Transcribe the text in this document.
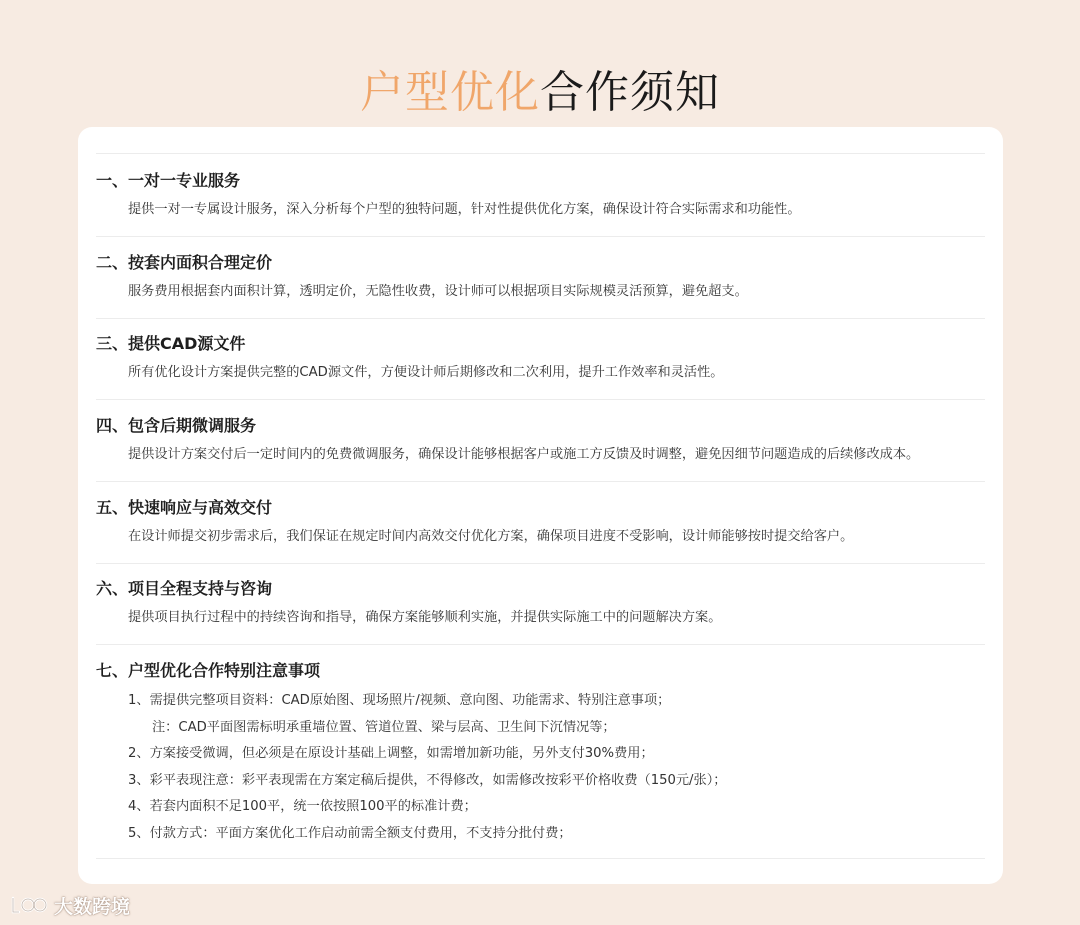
户型优化合作须知
一、一对一专业服务
提供一对一专属设计服务，深入分析每个户型的独特问题，针对性提供优化方案，确保设计符合实际需求和功能性。
二、按套内面积合理定价
服务费用根据套内面积计算，透明定价，无隐性收费，设计师可以根据项目实际规模灵活预算，避免超支。
三、提供CAD源文件
所有优化设计方案提供完整的CAD源文件，方便设计师后期修改和二次利用，提升工作效率和灵活性。
四、包含后期微调服务
提供设计方案交付后一定时间内的免费微调服务，确保设计能够根据客户或施工方反馈及时调整，避免因细节问题造成的后续修改成本。
五、快速响应与高效交付
在设计师提交初步需求后，我们保证在规定时间内高效交付优化方案，确保项目进度不受影响，设计师能够按时提交给客户。
六、项目全程支持与咨询
提供项目执行过程中的持续咨询和指导，确保方案能够顺利实施，并提供实际施工中的问题解决方案。
七、户型优化合作特别注意事项
1、需提供完整项目资料：CAD原始图、现场照片/视频、意向图、功能需求、特别注意事项；
注：CAD平面图需标明承重墙位置、管道位置、梁与层高、卫生间下沉情况等；
2、方案接受微调，但必须是在原设计基础上调整，如需增加新功能，另外支付30%费用；
3、彩平表现注意：彩平表现需在方案定稿后提供，不得修改，如需修改按彩平价格收费（150元/张）；
4、若套内面积不足100平，统一依按照100平的标准计费；
5、付款方式：平面方案优化工作启动前需全额支付费用，不支持分批付费；
大数跨境
